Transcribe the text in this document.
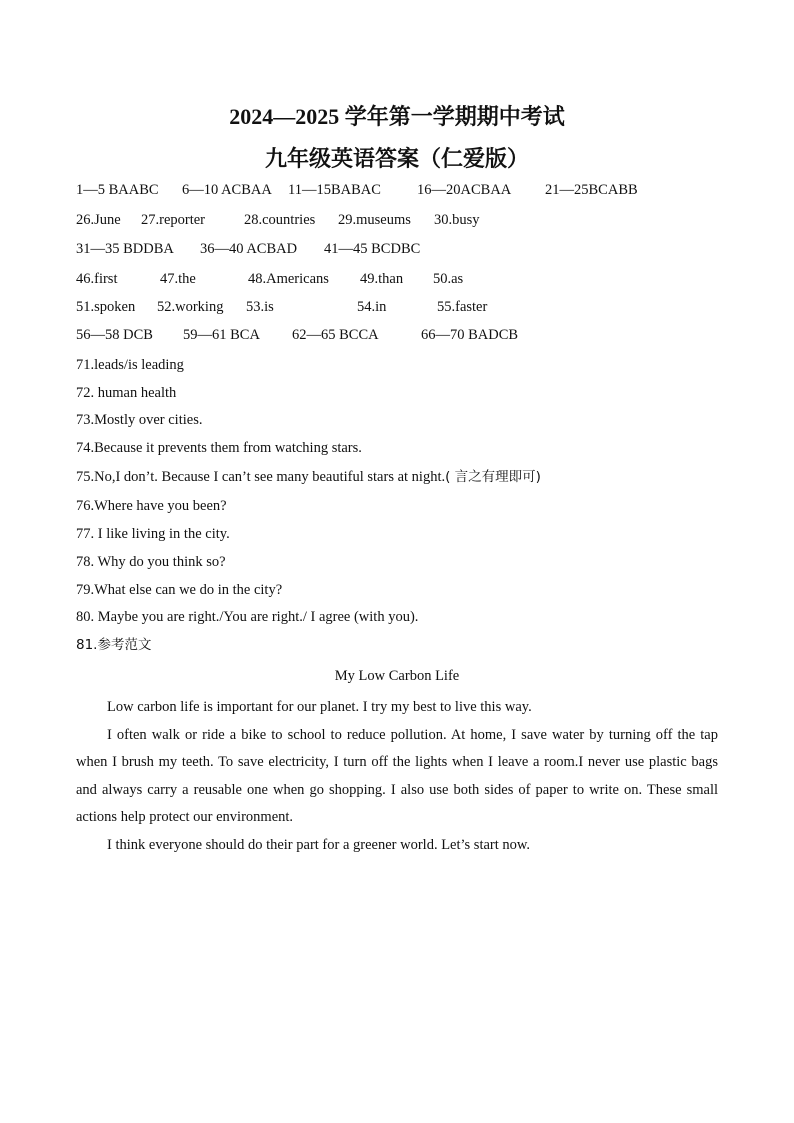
2024—2025 学年第一学期期中考试
九年级英语答案（仁爱版）
1—5 BAABC 6—10 ACBAA 11—15BABAC 16—20ACBAA 21—25BCABB
26.June 27.reporter	28.countries 29.museums 30.busy
31—35 BDDBA 36—40 ACBAD 41—45 BCDBC
46.first	47.the	48.Americans 49.than 50.as
51.spoken 52.working 53.is	54.in	55.faster
56—58 DCB 59—61 BCA 62—65 BCCA	66—70 BADCB
71.leads/is leading
72. human health
73.Mostly over cities.
74.Because it prevents them from watching stars.
75.No,I don’t. Because I can’t see many beautiful stars at night.( 言之有理即可)
76.Where have you been?
77. I like living in the city.
78. Why do you think so?
79.What else can we do in the city?
80. Maybe you are right./You are right./ I agree (with you).
81.参考范文
My Low Carbon Life

Low carbon life is important for our planet. I try my best to live this way.

I often walk or ride a bike to school to reduce pollution. At home, I save water by turning off the tap when I brush my teeth. To save electricity, I turn off the lights when I leave a room.I never use plastic bags and always carry a reusable one when go shopping. I also use both sides of paper to write on. These small actions help protect our environment.

I think everyone should do their part for a greener world. Let’s start now.
